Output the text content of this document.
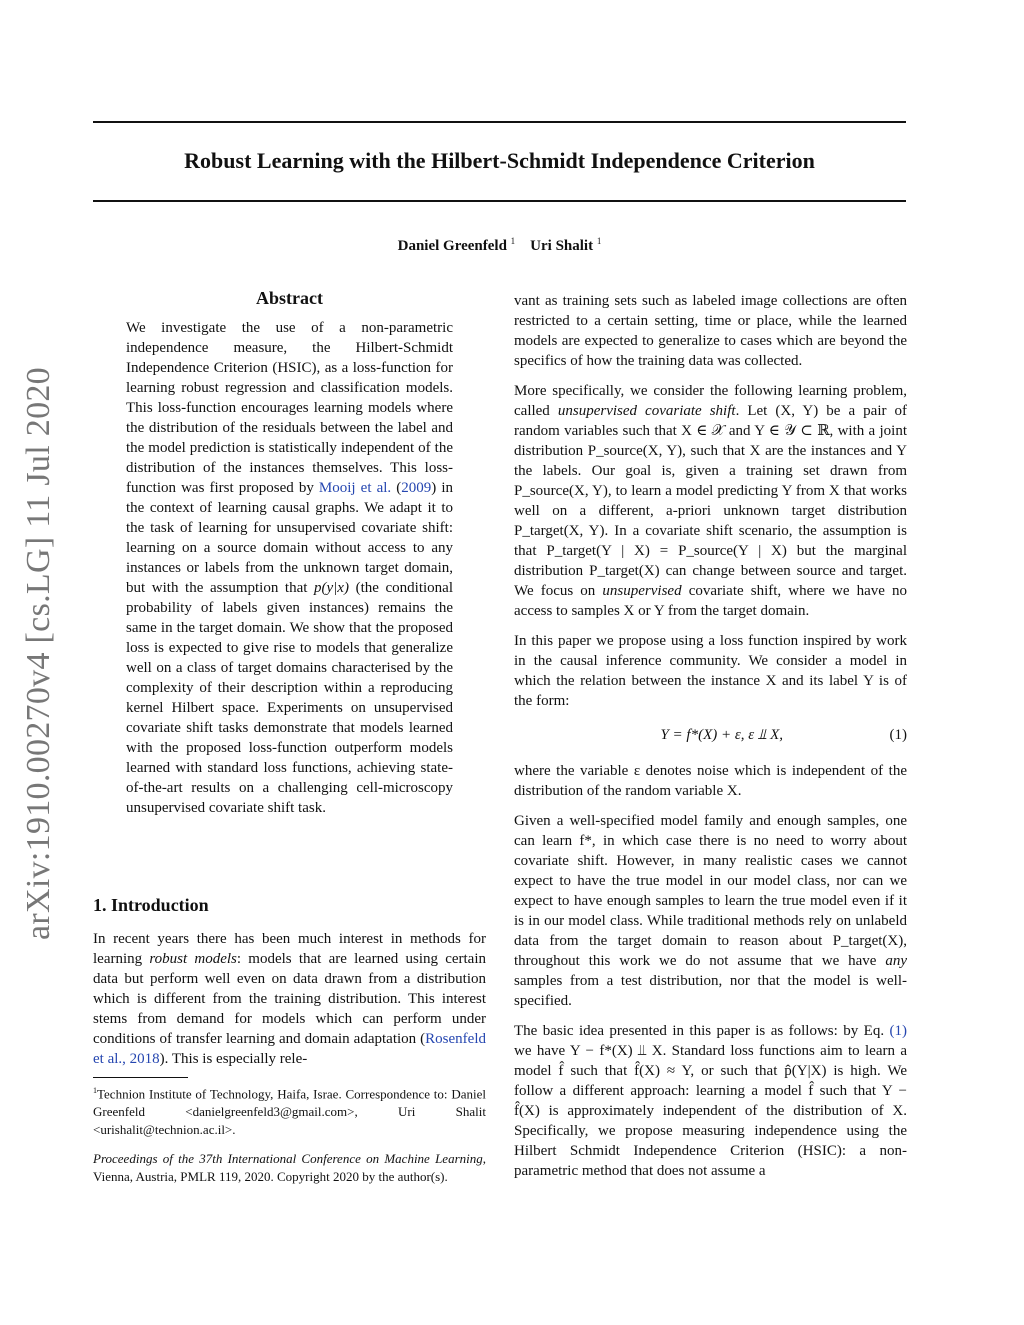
Robust Learning with the Hilbert-Schmidt Independence Criterion
Daniel Greenfeld $^1$ Uri Shalit $^1$
arXiv:1910.00270v4 [cs.LG] 11 Jul 2020
Abstract
We investigate the use of a non-parametric independence measure, the Hilbert-Schmidt Independence Criterion (HSIC), as a loss-function for learning robust regression and classification models. This loss-function encourages learning models where the distribution of the residuals between the label and the model prediction is statistically independent of the distribution of the instances themselves. This loss-function was first proposed by Mooij et al. (2009) in the context of learning causal graphs. We adapt it to the task of learning for unsupervised covariate shift: learning on a source domain without access to any instances or labels from the unknown target domain, but with the assumption that p(y|x) (the conditional probability of labels given instances) remains the same in the target domain. We show that the proposed loss is expected to give rise to models that generalize well on a class of target domains characterised by the complexity of their description within a reproducing kernel Hilbert space. Experiments on unsupervised covariate shift tasks demonstrate that models learned with the proposed loss-function outperform models learned with standard loss functions, achieving state-of-the-art results on a challenging cell-microscopy unsupervised covariate shift task.
1. Introduction
In recent years there has been much interest in methods for learning robust models: models that are learned using certain data but perform well even on data drawn from a distribution which is different from the training distribution. This interest stems from demand for models which can perform under conditions of transfer learning and domain adaptation (Rosenfeld et al., 2018). This is especially rele-
$^1$Technion Institute of Technology, Haifa, Israe. Correspondence to: Daniel Greenfeld <danielgreenfeld3@gmail.com>, Uri Shalit <urishalit@technion.ac.il>.
Proceedings of the 37th International Conference on Machine Learning, Vienna, Austria, PMLR 119, 2020. Copyright 2020 by the author(s).

vant as training sets such as labeled image collections are often restricted to a certain setting, time or place, while the learned models are expected to generalize to cases which are beyond the specifics of how the training data was collected.

More specifically, we consider the following learning problem, called unsupervised covariate shift. Let (X, Y) be a pair of random variables such that X ∈ 𝒳 and Y ∈ 𝒴 ⊂ ℝ, with a joint distribution P_source(X, Y), such that X are the instances and Y the labels. Our goal is, given a training set drawn from P_source(X, Y), to learn a model predicting Y from X that works well on a different, a-priori unknown target distribution P_target(X, Y). In a covariate shift scenario, the assumption is that P_target(Y | X) = P_source(Y | X) but the marginal distribution P_target(X) can change between source and target. We focus on unsupervised covariate shift, where we have no access to samples X or Y from the target domain.

In this paper we propose using a loss function inspired by work in the causal inference community. We consider a model in which the relation between the instance X and its label Y is of the form:

Y = f*(X) + ε, ε ⫫ X,	(1)

where the variable ε denotes noise which is independent of the distribution of the random variable X.

Given a well-specified model family and enough samples, one can learn f*, in which case there is no need to worry about covariate shift. However, in many realistic cases we cannot expect to have the true model in our model class, nor can we expect to have enough samples to learn the true model even if it is in our model class. While traditional methods rely on unlabeld data from the target domain to reason about P_target(X), throughout this work we do not assume that we have any samples from a test distribution, nor that the model is well-specified.

The basic idea presented in this paper is as follows: by Eq. (1) we have Y − f*(X) ⫫ X. Standard loss functions aim to learn a model f̂ such that f̂(X) ≈ Y, or such that p̂(Y|X) is high. We follow a different approach: learning a model f̂ such that Y − f̂(X) is approximately independent of the distribution of X. Specifically, we propose measuring independence using the Hilbert Schmidt Independence Criterion (HSIC): a non-parametric method that does not assume a
